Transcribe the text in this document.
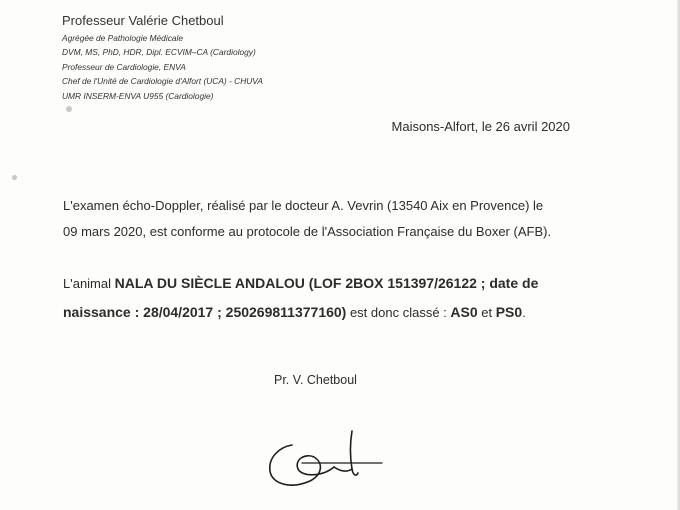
Professeur Valérie Chetboul
Agrégée de Pathologie Médicale
DVM, MS, PhD, HDR, Dipl. ECVIM–CA (Cardiology)
Professeur de Cardiologie, ENVA
Chef de l'Unité de Cardiologie d'Alfort (UCA) - CHUVA
UMR INSERM-ENVA U955 (Cardiologie)
Maisons-Alfort, le 26 avril 2020
L'examen écho-Doppler, réalisé par le docteur A. Vevrin (13540 Aix en Provence) le
09 mars 2020, est conforme au protocole de l'Association Française du Boxer (AFB).
L'animal NALA DU SIÈCLE ANDALOU (LOF 2BOX 151397/26122 ; date de
naissance : 28/04/2017 ; 250269811377160) est donc classé : AS0 et PS0.
Pr. V. Chetboul
